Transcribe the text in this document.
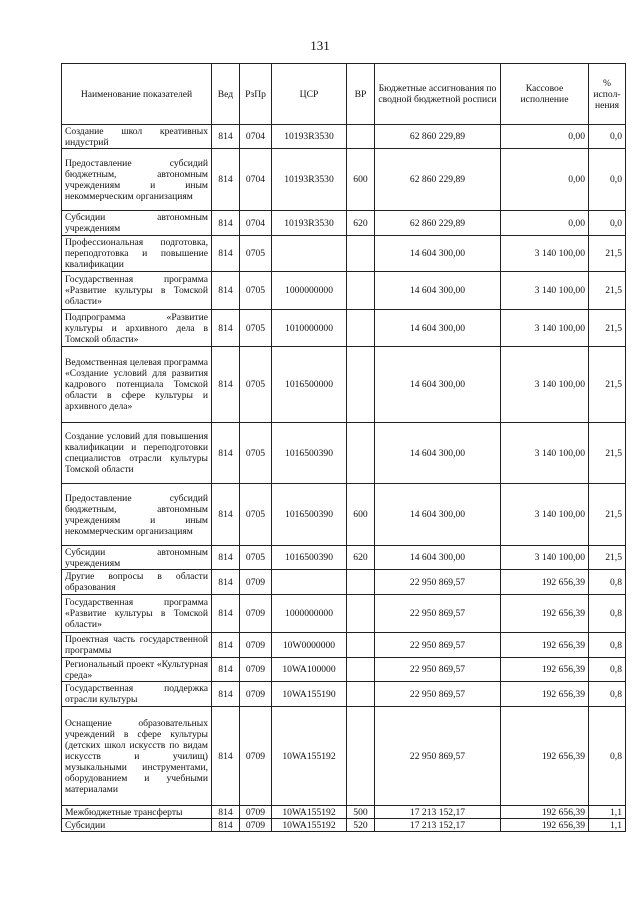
131
Наименование показателей	Вед	РзПр	ЦСР	ВР	Бюджетные ассигнования по сводной бюджетной росписи	Кассовое исполнение	% испол-нения
Создание школ креативных индустрий	814	0704	10193R3530		62 860 229,89	0,00	0,0
Предоставление субсидий бюджетным, автономным учреждениям и иным некоммерческим организациям	814	0704	10193R3530	600	62 860 229,89	0,00	0,0
Субсидии автономным учреждениям	814	0704	10193R3530	620	62 860 229,89	0,00	0,0
Профессиональная подготовка, переподготовка и повышение квалификации	814	0705			14 604 300,00	3 140 100,00	21,5
Государственная программа «Развитие культуры в Томской области»	814	0705	1000000000		14 604 300,00	3 140 100,00	21,5
Подпрограмма «Развитие культуры и архивного дела в Томской области»	814	0705	1010000000		14 604 300,00	3 140 100,00	21,5
Ведомственная целевая программа «Создание условий для развития кадрового потенциала Томской области в сфере культуры и архивного дела»	814	0705	1016500000		14 604 300,00	3 140 100,00	21,5
Создание условий для повышения квалификации и переподготовки специалистов отрасли культуры Томской области	814	0705	1016500390		14 604 300,00	3 140 100,00	21,5
Предоставление субсидий бюджетным, автономным учреждениям и иным некоммерческим организациям	814	0705	1016500390	600	14 604 300,00	3 140 100,00	21,5
Субсидии автономным учреждениям	814	0705	1016500390	620	14 604 300,00	3 140 100,00	21,5
Другие вопросы в области образования	814	0709			22 950 869,57	192 656,39	0,8
Государственная программа «Развитие культуры в Томской области»	814	0709	1000000000		22 950 869,57	192 656,39	0,8
Проектная часть государственной программы	814	0709	10W0000000		22 950 869,57	192 656,39	0,8
Региональный проект «Культурная среда»	814	0709	10WA100000		22 950 869,57	192 656,39	0,8
Государственная поддержка отрасли культуры	814	0709	10WA155190		22 950 869,57	192 656,39	0,8
Оснащение образовательных учреждений в сфере культуры (детских школ искусств по видам искусств и училищ) музыкальными инструментами, оборудованием и учебными материалами	814	0709	10WA155192		22 950 869,57	192 656,39	0,8
Межбюджетные трансферты	814	0709	10WA155192	500	17 213 152,17	192 656,39	1,1
Субсидии	814	0709	10WA155192	520	17 213 152,17	192 656,39	1,1
